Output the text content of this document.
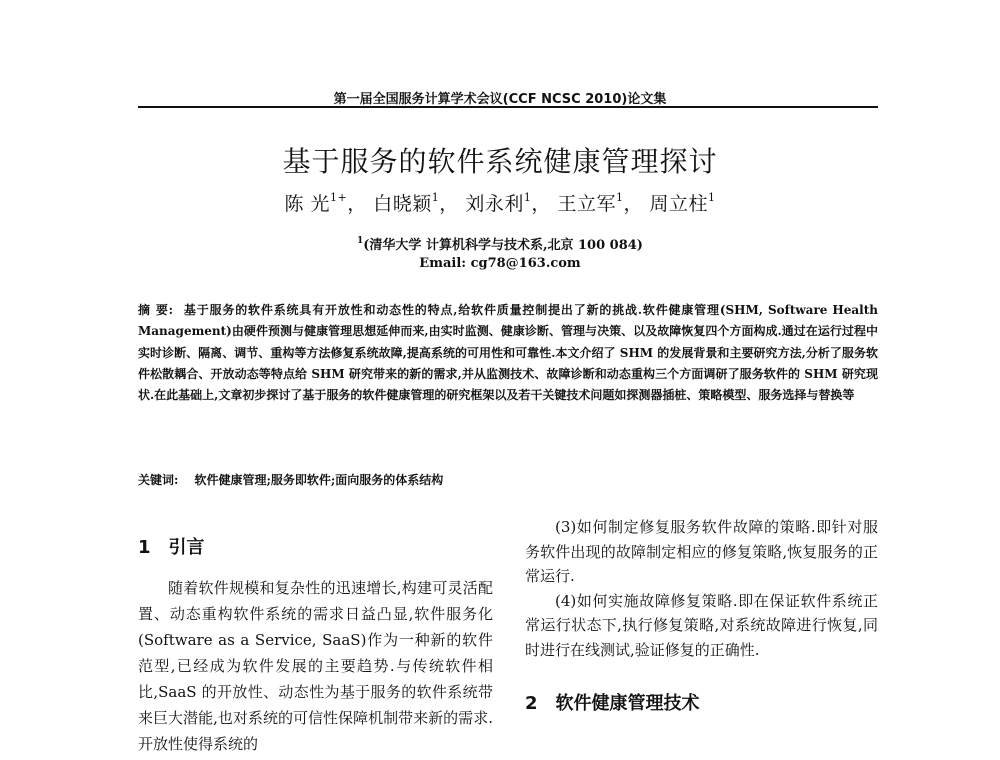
第一届全国服务计算学术会议(CCF NCSC 2010)论文集
基于服务的软件系统健康管理探讨
陈 光$^{1+}$， 白晓颖$^1$， 刘永利$^1$， 王立军$^1$， 周立柱$^1$
$^1$(清华大学 计算机科学与技术系,北京 100 084)
Email: cg78@163.com
摘 要: 基于服务的软件系统具有开放性和动态性的特点,给软件质量控制提出了新的挑战.软件健康管理(SHM, Software Health Management)由硬件预测与健康管理思想延伸而来,由实时监测、健康诊断、管理与决策、以及故障恢复四个方面构成.通过在运行过程中实时诊断、隔离、调节、重构等方法修复系统故障,提高系统的可用性和可靠性.本文介绍了 SHM 的发展背景和主要研究方法,分析了服务软件松散耦合、开放动态等特点给 SHM 研究带来的新的需求,并从监测技术、故障诊断和动态重构三个方面调研了服务软件的 SHM 研究现状.在此基础上,文章初步探讨了基于服务的软件健康管理的研究框架以及若干关键技术问题如探测器插桩、策略模型、服务选择与替换等
关键词: 软件健康管理;服务即软件;面向服务的体系结构
1 引言

随着软件规模和复杂性的迅速增长,构建可灵活配置、动态重构软件系统的需求日益凸显,软件服务化(Software as a Service, SaaS)作为一种新的软件范型,已经成为软件发展的主要趋势.与传统软件相比,SaaS 的开放性、动态性为基于服务的软件系统带来巨大潜能,也对系统的可信性保障机制带来新的需求.开放性使得系统的

(3)如何制定修复服务软件故障的策略.即针对服务软件出现的故障制定相应的修复策略,恢复服务的正常运行.

(4)如何实施故障修复策略.即在保证软件系统正常运行状态下,执行修复策略,对系统故障进行恢复,同时进行在线测试,验证修复的正确性.

2 软件健康管理技术
